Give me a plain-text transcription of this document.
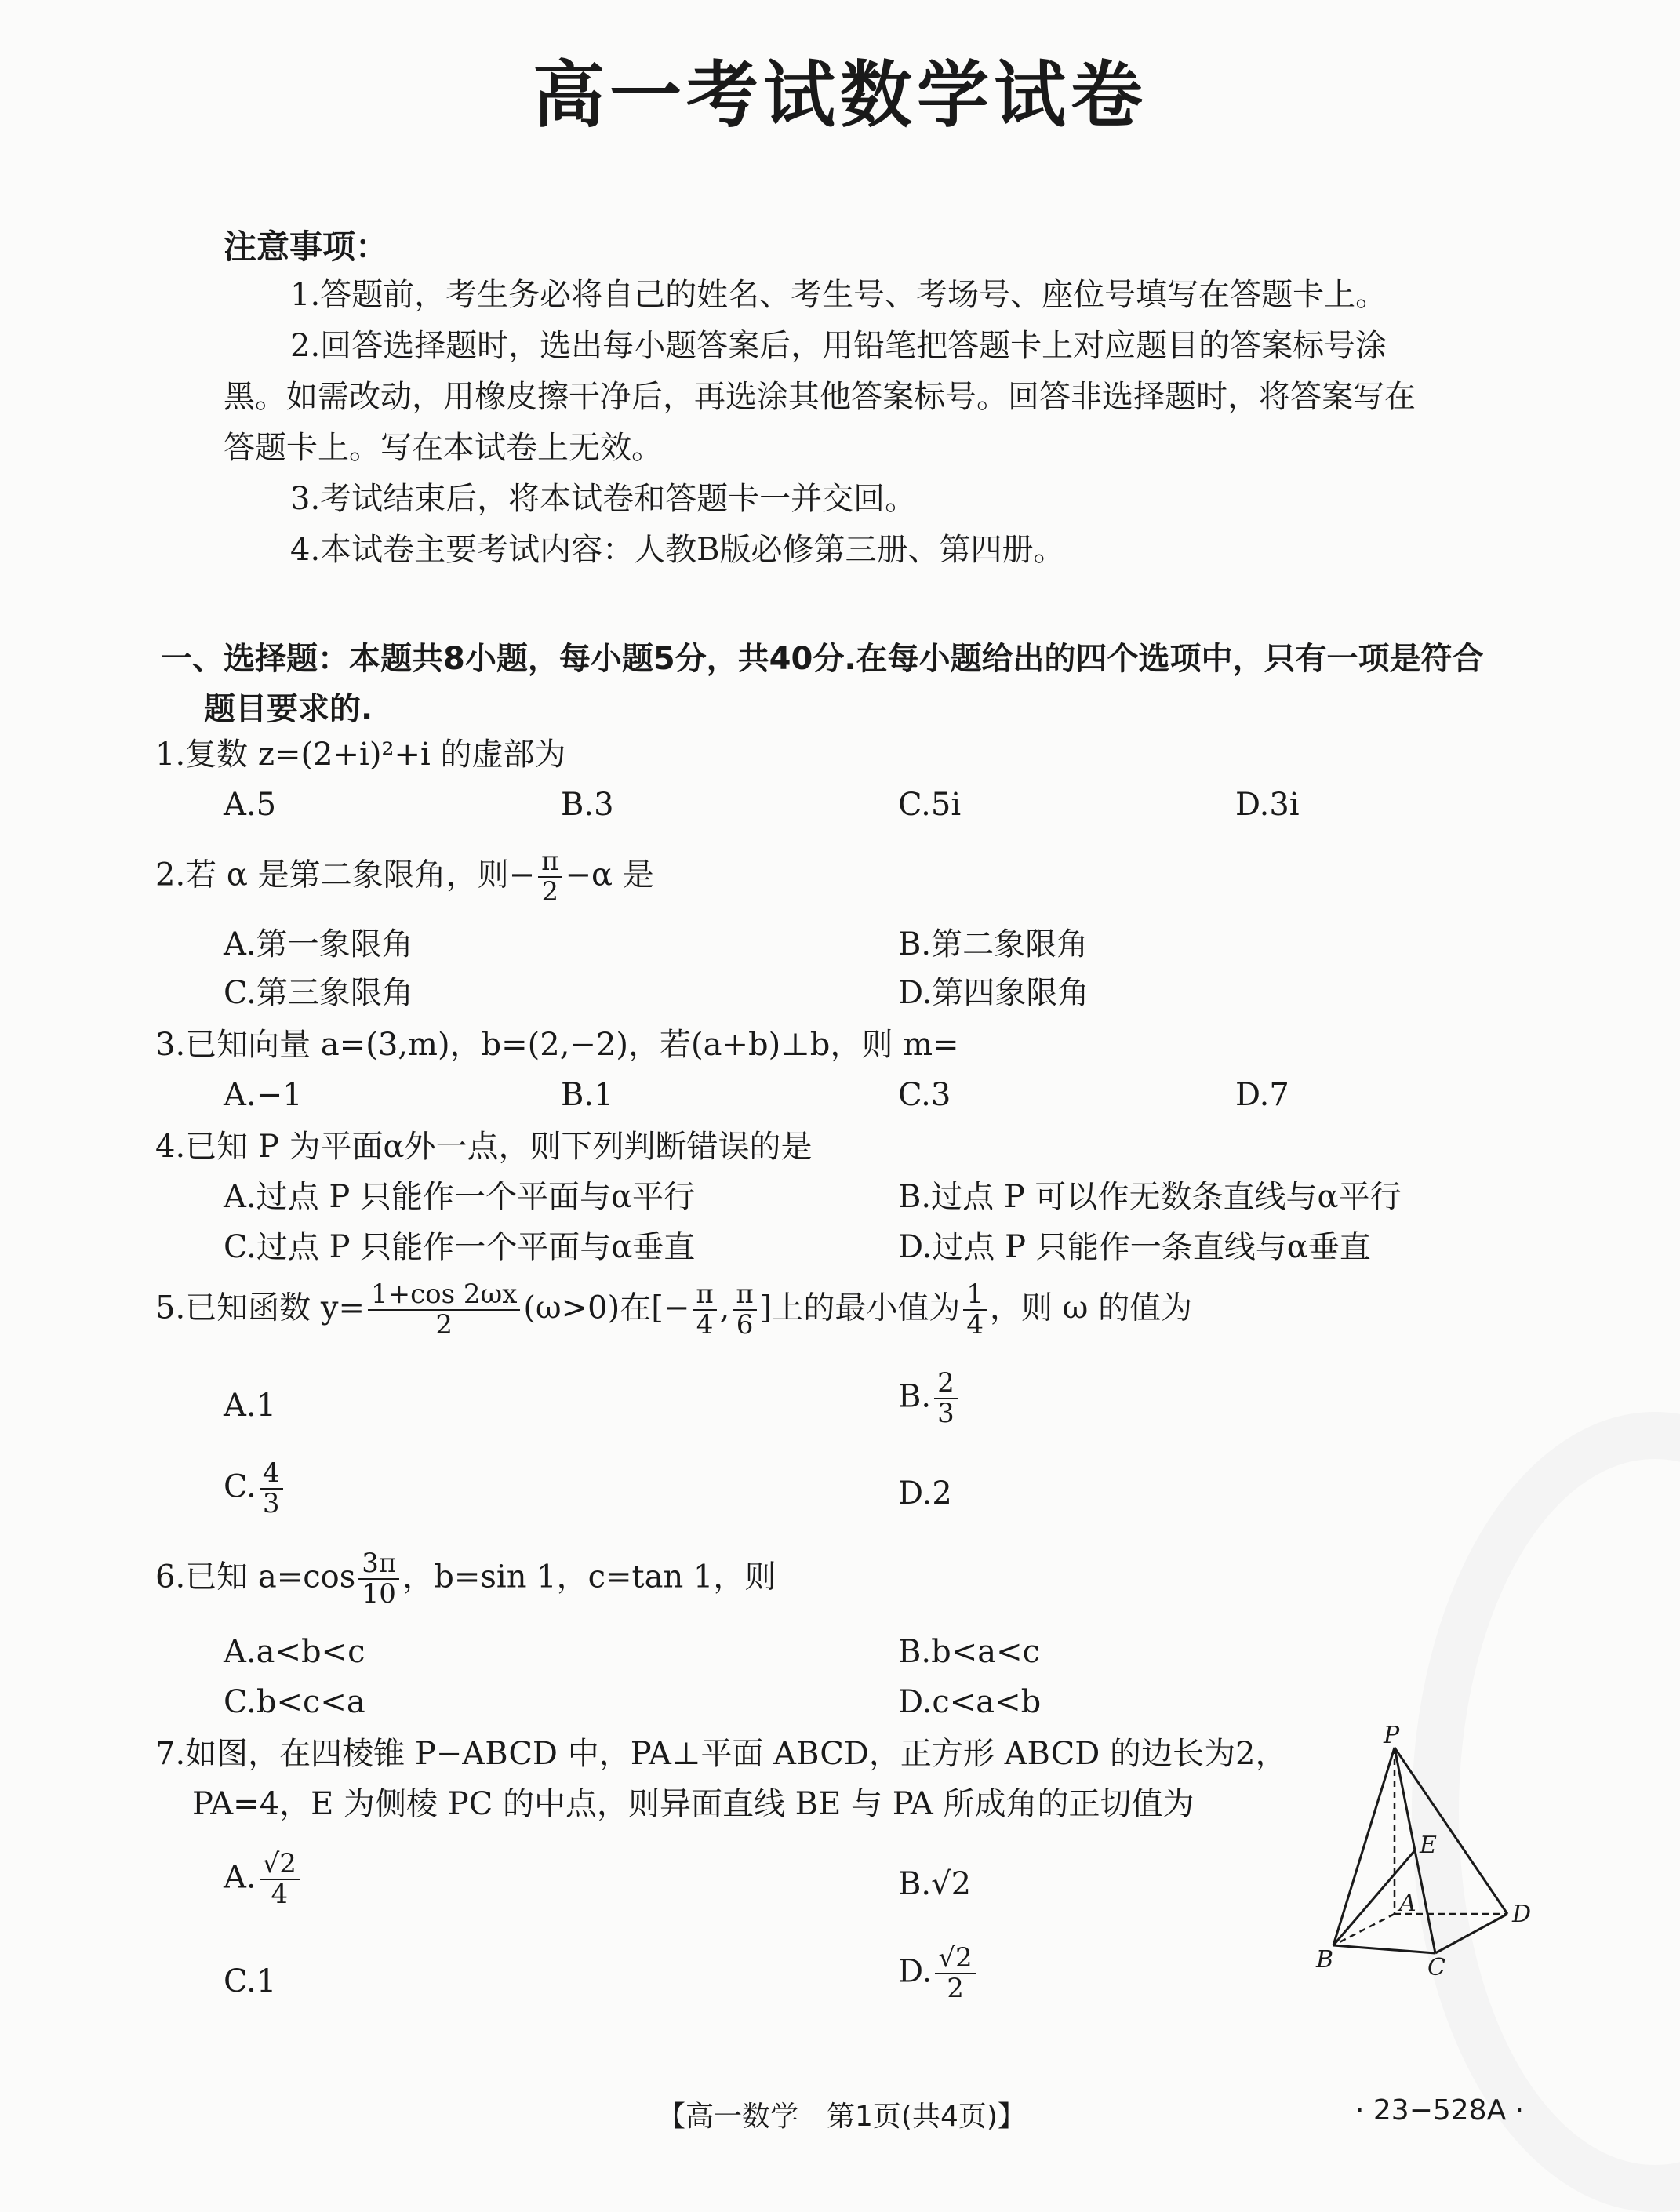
高一考试数学试卷
注意事项：
1.答题前，考生务必将自己的姓名、考生号、考场号、座位号填写在答题卡上。
2.回答选择题时，选出每小题答案后，用铅笔把答题卡上对应题目的答案标号涂
黑。如需改动，用橡皮擦干净后，再选涂其他答案标号。回答非选择题时，将答案写在
答题卡上。写在本试卷上无效。
3.考试结束后，将本试卷和答题卡一并交回。
4.本试卷主要考试内容：人教B版必修第三册、第四册。
一、选择题：本题共8小题，每小题5分，共40分.在每小题给出的四个选项中，只有一项是符合
题目要求的.
1.复数 z=(2+i)²+i 的虚部为
A.5	B.3	C.5i	D.3i
2.若 α 是第二象限角，则− $\frac{\pi}{2} -\alpha$ 是
A.第一象限角	B.第二象限角
C.第三象限角	D.第四象限角
3.已知向量 a=(3,m)，b=(2,−2)，若(a+b)⊥b，则 m=
A.−1	B.1	C.3	D.7
4.已知 P 为平面α外一点，则下列判断错误的是
A.过点 P 只能作一个平面与α平行	B.过点 P 可以作无数条直线与α平行
C.过点 P 只能作一个平面与α垂直	D.过点 P 只能作一条直线与α垂直
5.已知函数 $y= \frac{1+\cos 2\omega x}{2} (\omega>0)$在[− $\frac{\pi}{4}$ , $\frac{\pi}{6}$ ]上的最小值为 $\frac{1}{4}$ ，则 ω 的值为
A.1	B. $\frac{2}{3}$
C. $\frac{4}{3}$	D.2
6.已知 $a=\cos \frac{3\pi}{10}$ ，b=sin 1，c=tan 1，则
A.a<b<c	B.b<a<c
C.b<c<a	D.c<a<b
7.如图，在四棱锥 P−ABCD 中，PA⊥平面 ABCD，正方形 ABCD 的边长为2，
PA=4，E 为侧棱 PC 的中点，则异面直线 BE 与 PA 所成角的正切值为
A. $\frac{√2}{4}$	B.√2
C.1	D. $\frac{√2}{2}$
P
E
A	D
B	C
【高一数学　第1页(共4页)】	· 23−528A ·
